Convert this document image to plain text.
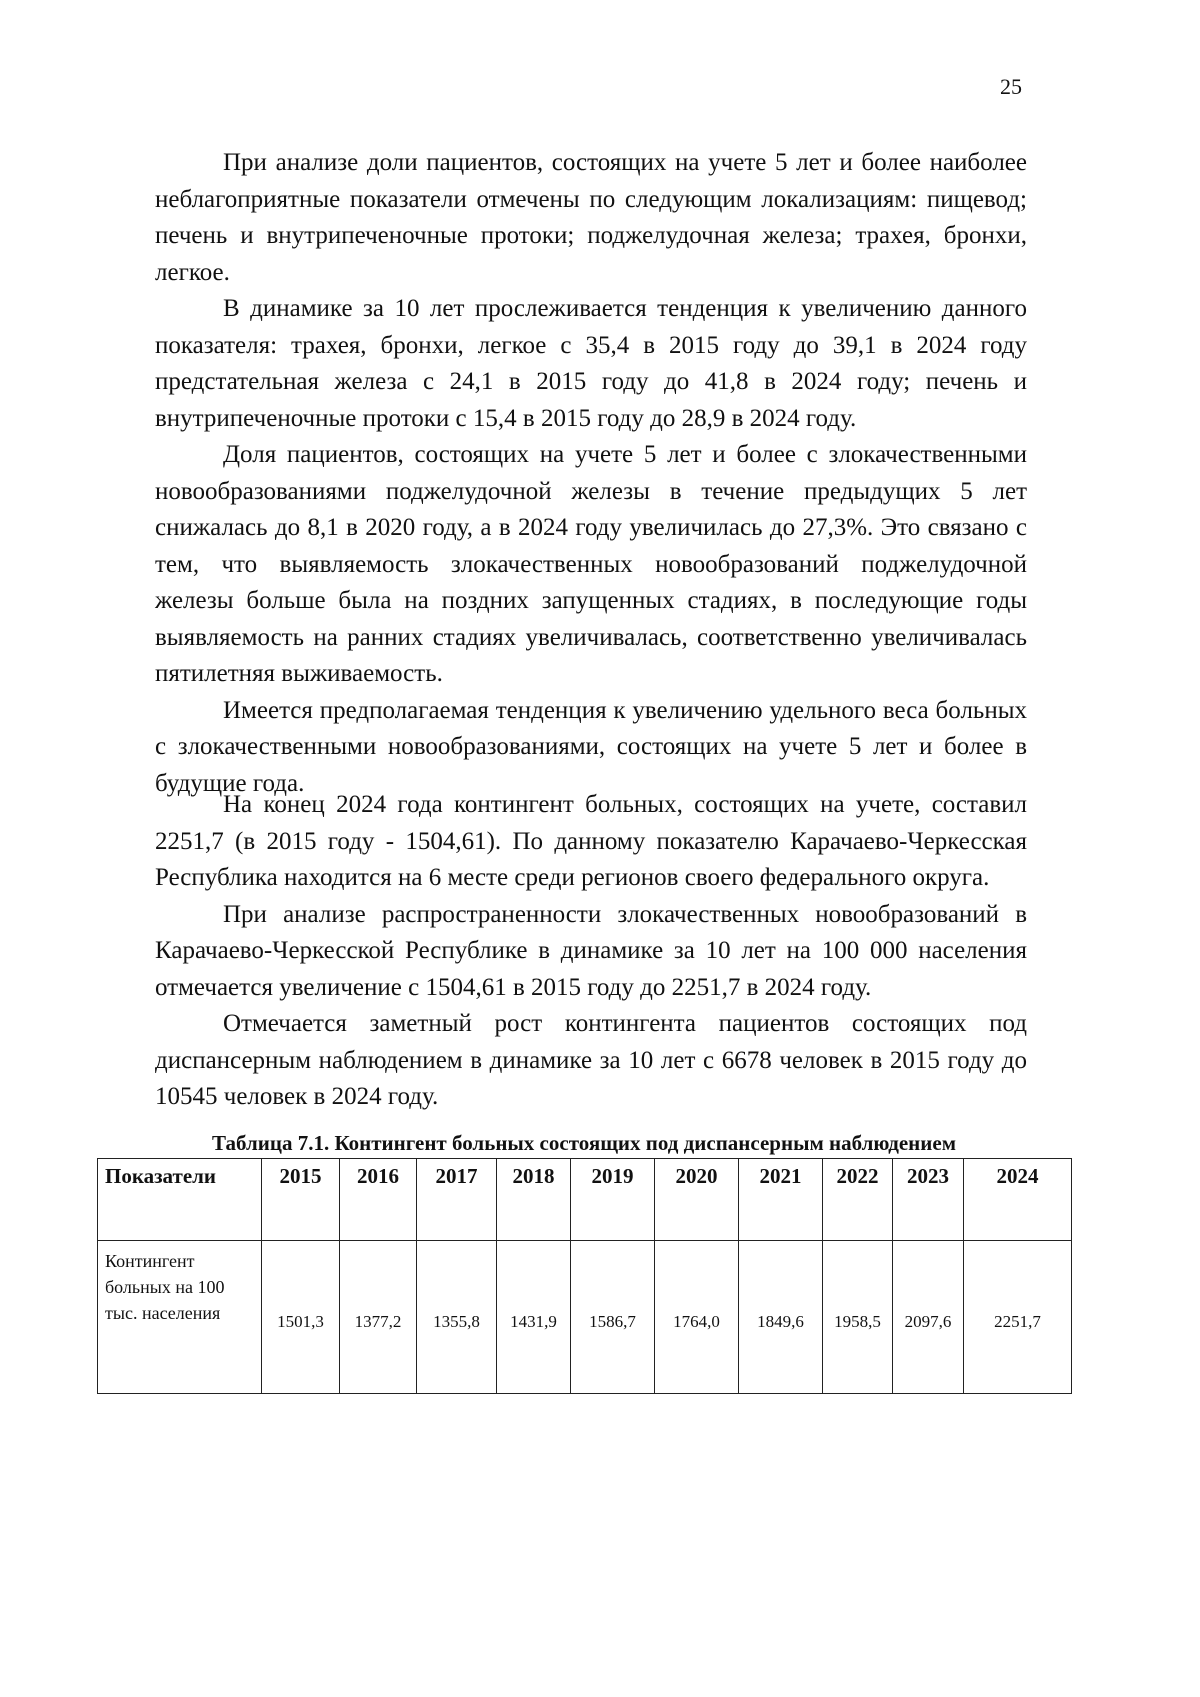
25

При анализе доли пациентов, состоящих на учете 5 лет и более наиболее неблагоприятные показатели отмечены по следующим локализациям: пищевод; печень и внутрипеченочные протоки; поджелудочная железа; трахея, бронхи, легкое.

В динамике за 10 лет прослеживается тенденция к увеличению данного показателя: трахея, бронхи, легкое с 35,4 в 2015 году до 39,1 в 2024 году предстательная железа с 24,1 в 2015 году до 41,8 в 2024 году; печень и внутрипеченочные протоки с 15,4 в 2015 году до 28,9 в 2024 году.

Доля пациентов, состоящих на учете 5 лет и более с злокачественными новообразованиями поджелудочной железы в течение предыдущих 5 лет снижалась до 8,1 в 2020 году, а в 2024 году увеличилась до 27,3%. Это связано с тем, что выявляемость злокачественных новообразований поджелудочной железы больше была на поздних запущенных стадиях, в последующие годы выявляемость на ранних стадиях увеличивалась, соответственно увеличивалась пятилетняя выживаемость.

Имеется предполагаемая тенденция к увеличению удельного веса больных с злокачественными новообразованиями, состоящих на учете 5 лет и более в будущие года.

На конец 2024 года контингент больных, состоящих на учете, составил 2251,7 (в 2015 году - 1504,61). По данному показателю Карачаево-Черкесская Республика находится на 6 месте среди регионов своего федерального округа.

При анализе распространенности злокачественных новообразований в Карачаево-Черкесской Республике в динамике за 10 лет на 100 000 населения отмечается увеличение с 1504,61 в 2015 году до 2251,7 в 2024 году.

Отмечается заметный рост контингента пациентов состоящих под диспансерным наблюдением в динамике за 10 лет с 6678 человек в 2015 году до 10545 человек в 2024 году.

Таблица 7.1. Контингент больных состоящих под диспансерным наблюдением
Показатели	2015	2016	2017	2018	2019	2020	2021	2022	2023	2024
Контингент больных на 100 тыс. населения	1501,3	1377,2	1355,8	1431,9	1586,7	1764,0	1849,6	1958,5	2097,6	2251,7
